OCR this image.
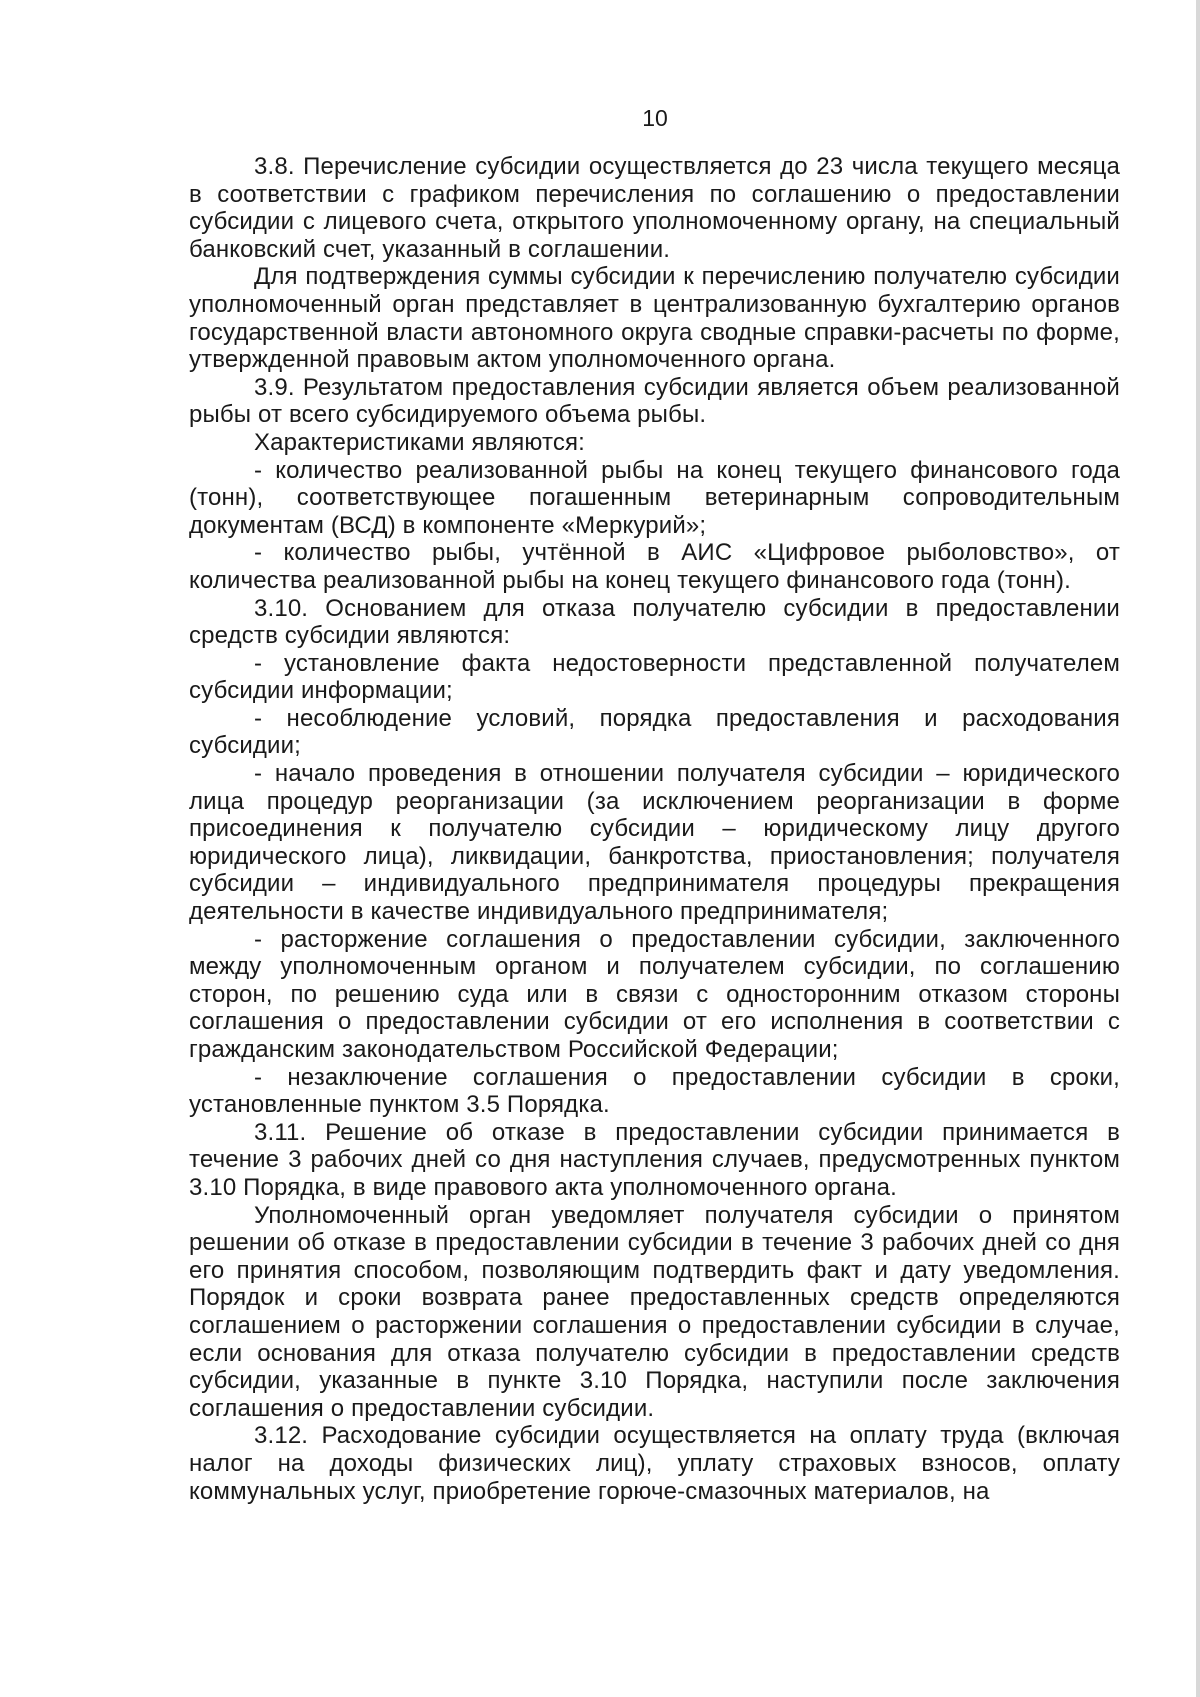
10

3.8. Перечисление субсидии осуществляется до 23 числа текущего месяца в соответствии с графиком перечисления по соглашению о предоставлении субсидии с лицевого счета, открытого уполномоченному органу, на специальный банковский счет, указанный в соглашении.

Для подтверждения суммы субсидии к перечислению получателю субсидии уполномоченный орган представляет в централизованную бухгалтерию органов государственной власти автономного округа сводные справки-расчеты по форме, утвержденной правовым актом уполномоченного органа.

3.9. Результатом предоставления субсидии является объем реализованной рыбы от всего субсидируемого объема рыбы.

Характеристиками являются:

- количество реализованной рыбы на конец текущего финансового года (тонн), соответствующее погашенным ветеринарным сопроводительным документам (ВСД) в компоненте «Меркурий»;

- количество рыбы, учтённой в АИС «Цифровое рыболовство», от количества реализованной рыбы на конец текущего финансового года (тонн).

3.10. Основанием для отказа получателю субсидии в предоставлении средств субсидии являются:

- установление факта недостоверности представленной получателем субсидии информации;

- несоблюдение условий, порядка предоставления и расходования субсидии;

- начало проведения в отношении получателя субсидии – юридического лица процедур реорганизации (за исключением реорганизации в форме присоединения к получателю субсидии – юридическому лицу другого юридического лица), ликвидации, банкротства, приостановления; получателя субсидии – индивидуального предпринимателя процедуры прекращения деятельности в качестве индивидуального предпринимателя;

- расторжение соглашения о предоставлении субсидии, заключенного между уполномоченным органом и получателем субсидии, по соглашению сторон, по решению суда или в связи с односторонним отказом стороны соглашения о предоставлении субсидии от его исполнения в соответствии с гражданским законодательством Российской Федерации;

- незаключение соглашения о предоставлении субсидии в сроки, установленные пунктом 3.5 Порядка.

3.11. Решение об отказе в предоставлении субсидии принимается в течение 3 рабочих дней со дня наступления случаев, предусмотренных пунктом 3.10 Порядка, в виде правового акта уполномоченного органа.

Уполномоченный орган уведомляет получателя субсидии о принятом решении об отказе в предоставлении субсидии в течение 3 рабочих дней со дня его принятия способом, позволяющим подтвердить факт и дату уведомления. Порядок и сроки возврата ранее предоставленных средств определяются соглашением о расторжении соглашения о предоставлении субсидии в случае, если основания для отказа получателю субсидии в предоставлении средств субсидии, указанные в пункте 3.10 Порядка, наступили после заключения соглашения о предоставлении субсидии.

3.12. Расходование субсидии осуществляется на оплату труда (включая налог на доходы физических лиц), уплату страховых взносов, оплату коммунальных услуг, приобретение горюче-смазочных материалов, на
